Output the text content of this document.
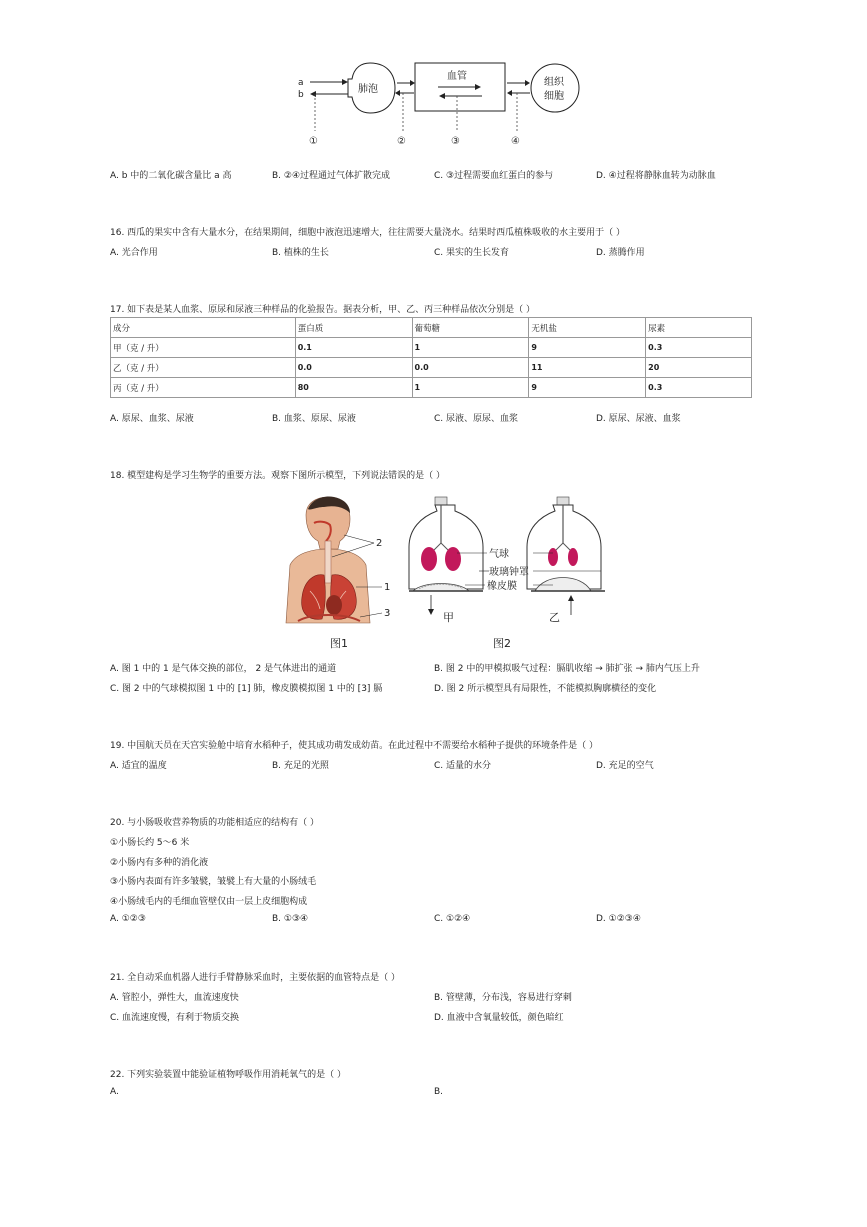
a
b	肺泡
血管
组织
细胞
①	②	③	④
A. b 中的二氧化碳含量比 a 高	B. ②④过程通过气体扩散完成	C. ③过程需要血红蛋白的参与	D. ④过程将静脉血转为动脉血
16. 西瓜的果实中含有大量水分，在结果期间，细胞中液泡迅速增大，往往需要大量浇水。结果时西瓜植株吸收的水主要用于（ ）
A. 光合作用	B. 植株的生长	C. 果实的生长发育	D. 蒸腾作用
17. 如下表是某人血浆、原尿和尿液三种样品的化验报告。据表分析，甲、乙、丙三种样品依次分别是（ ）
成分	蛋白质	葡萄糖	无机盐	尿素
甲（克 / 升）	0.1	1	9	0.3
乙（克 / 升）	0.0	0.0	11	20
丙（克 / 升）	80	1	9	0.3
A. 原尿、血浆、尿液	B. 血浆、原尿、尿液	C. 尿液、原尿、血浆	D. 原尿、尿液、血浆
18. 模型建构是学习生物学的重要方法。观察下图所示模型，下列说法错误的是（ ）
2
1
3
图1
甲	乙
气球
玻璃钟罩
橡皮膜
图2
A. 图 1 中的 1 是气体交换的部位， 2 是气体进出的通道	B. 图 2 中的甲模拟吸气过程：膈肌收缩 → 肺扩张 → 肺内气压上升
C. 图 2 中的气球模拟图 1 中的 [1] 肺，橡皮膜模拟图 1 中的 [3] 膈	D. 图 2 所示模型具有局限性，不能模拟胸廓横径的变化
19. 中国航天员在天宫实验舱中培育水稻种子，使其成功萌发成幼苗。在此过程中不需要给水稻种子提供的环境条件是（ ）
A. 适宜的温度	B. 充足的光照	C. 适量的水分	D. 充足的空气
20. 与小肠吸收营养物质的功能相适应的结构有（ ）
①小肠长约 5～6 米
②小肠内有多种的消化液
③小肠内表面有许多皱襞，皱襞上有大量的小肠绒毛
④小肠绒毛内的毛细血管壁仅由一层上皮细胞构成
A. ①②③	B. ①③④	C. ①②④	D. ①②③④
21. 全自动采血机器人进行手臂静脉采血时，主要依据的血管特点是（ ）
A. 管腔小，弹性大，血流速度快	B. 管壁薄，分布浅，容易进行穿刺
C. 血流速度慢，有利于物质交换	D. 血液中含氧量较低，颜色暗红
22. 下列实验装置中能验证植物呼吸作用消耗氧气的是（ ）
A.	B.
